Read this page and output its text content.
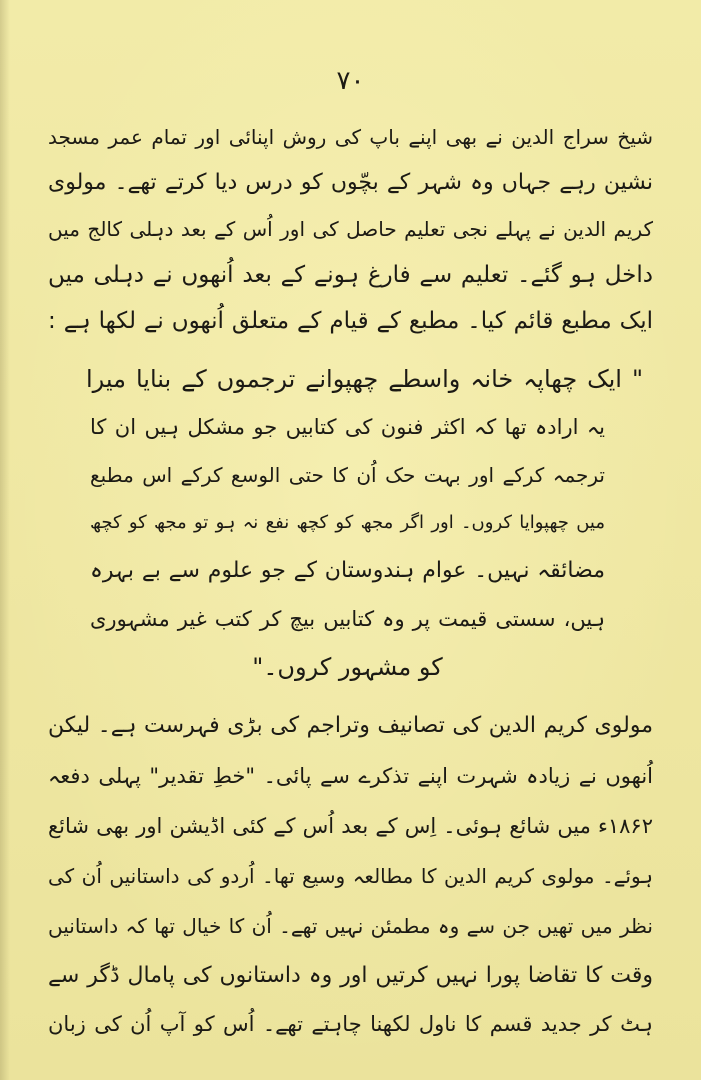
۷۰
شیخ سراج الدین نے بھی اپنے باپ کی روش اپنائی اور تمام عمر مسجد
نشین رہے جہاں وہ شہر کے بچّوں کو درس دیا کرتے تھے۔ مولوی
کریم الدین نے پہلے نجی تعلیم حاصل کی اور اُس کے بعد دہلی کالج میں
داخل ہو گئے۔ تعلیم سے فارغ ہونے کے بعد اُنھوں نے دہلی میں
ایک مطبع قائم کیا۔ مطبع کے قیام کے متعلق اُنھوں نے لکھا ہے :
" ایک چھاپہ خانہ واسطے چھپوانے ترجموں کے بنایا میرا
یہ ارادہ تھا کہ اکثر فنون کی کتابیں جو مشکل ہیں ان کا
ترجمہ کرکے اور بہت حک اُن کا حتی الوسع کرکے اس مطبع
میں چھپوایا کروں۔ اور اگر مجھ کو کچھ نفع نہ ہو تو مجھ کو کچھ
مضائقہ نہیں۔ عوام ہندوستان کے جو علوم سے بے بہرہ
ہیں، سستی قیمت پر وہ کتابیں بیچ کر کتب غیر مشہوری
کو مشہور کروں۔"
مولوی کریم الدین کی تصانیف وتراجم کی بڑی فہرست ہے۔ لیکن
اُنھوں نے زیادہ شہرت اپنے تذکرے سے پائی۔ "خطِ تقدیر" پہلی دفعہ
۱۸۶۲ء میں شائع ہوئی۔ اِس کے بعد اُس کے کئی اڈیشن اور بھی شائع
ہوئے۔ مولوی کریم الدین کا مطالعہ وسیع تھا۔ اُردو کی داستانیں اُن کی
نظر میں تھیں جن سے وہ مطمئن نہیں تھے۔ اُن کا خیال تھا کہ داستانیں
وقت کا تقاضا پورا نہیں کرتیں اور وہ داستانوں کی پامال ڈگر سے
ہٹ کر جدید قسم کا ناول لکھنا چاہتے تھے۔ اُس کو آپ اُن کی زبان
